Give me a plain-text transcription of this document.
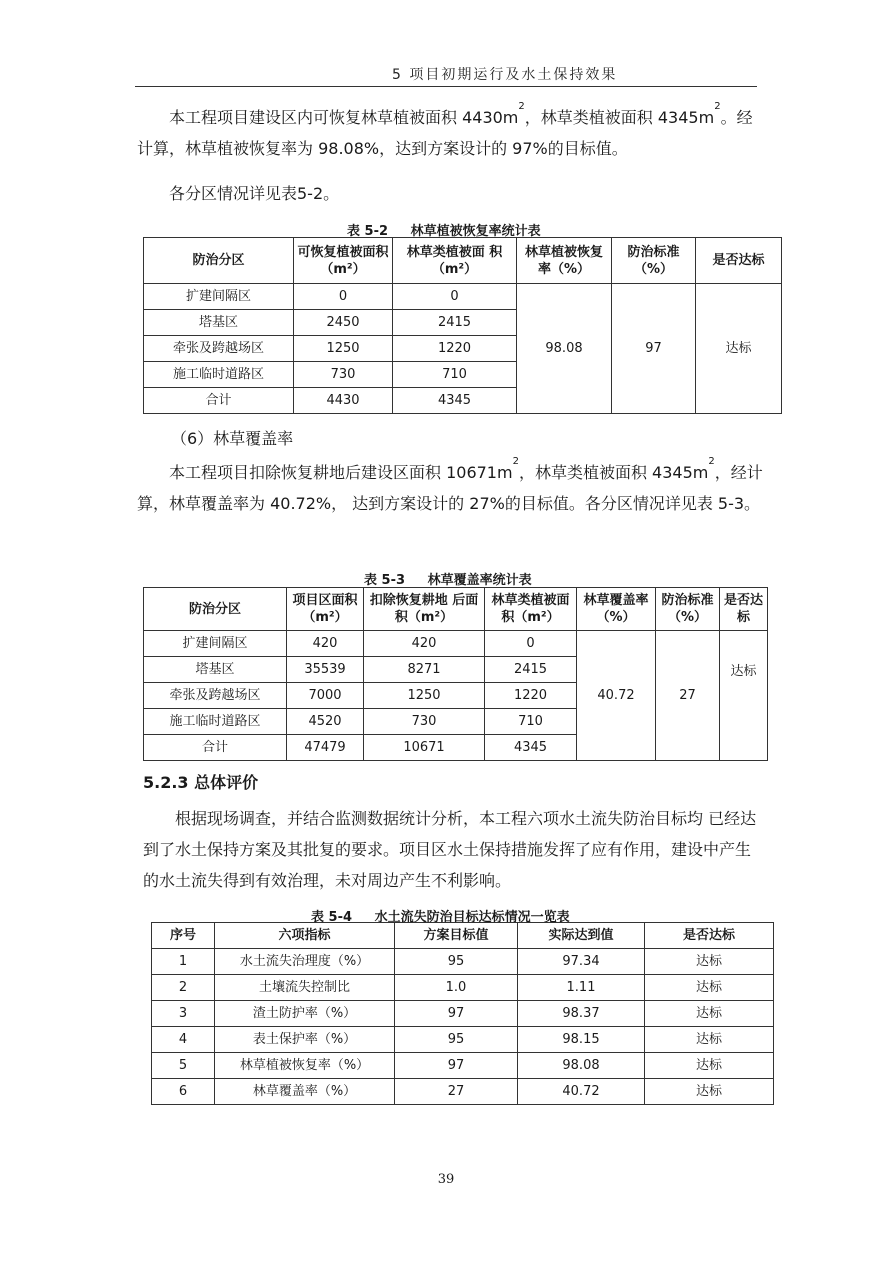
5 项目初期运行及水土保持效果

本工程项目建设区内可恢复林草植被面积 $4430m^2$，林草类植被面积 $4345m^2$。经计算，林草植被恢复率为 98.08%，达到方案设计的 97%的目标值。

各分区情况详见表5-2。

表 5-2     林草植被恢复率统计表
防治分区	可恢复植被面积（m²）	林草类植被面 积（m²）	林草植被恢复率（%）	防治标准（%）	是否达标
扩建间隔区	0	0	98.08	97	达标
塔基区	2450	2415			
牵张及跨越场区	1250	1220			
施工临时道路区	730	710			
合计	4430	4345			

（6）林草覆盖率

本工程项目扣除恢复耕地后建设区面积 $10671m^2$，林草类植被面积 $4345m^2$，经计算，林草覆盖率为 40.72%， 达到方案设计的 27%的目标值。各分区情况详见表 5-3。

表 5-3     林草覆盖率统计表
防治分区	项目区面积（m²）	扣除恢复耕地 后面积（m²）	林草类植被面积（m²）	林草覆盖率（%）	防治标准（%）	是否达标
扩建间隔区	420	420	0	40.72	27	达标
塔基区	35539	8271	2415			
牵张及跨越场区	7000	1250	1220			
施工临时道路区	4520	730	710			
合计	47479	10671	4345			
5.2.3 总体评价

根据现场调查，并结合监测数据统计分析，本工程六项水土流失防治目标均 已经达到了水土保持方案及其批复的要求。项目区水土保持措施发挥了应有作用，建设中产生的水土流失得到有效治理，未对周边产生不利影响。

表 5-4     水土流失防治目标达标情况一览表
序号	六项指标	方案目标值	实际达到值	是否达标
1	水土流失治理度（%）	95	97.34	达标
2	土壤流失控制比	1.0	1.11	达标
3	渣土防护率（%）	97	98.37	达标
4	表土保护率（%）	95	98.15	达标
5	林草植被恢复率（%）	97	98.08	达标
6	林草覆盖率（%）	27	40.72	达标
39
